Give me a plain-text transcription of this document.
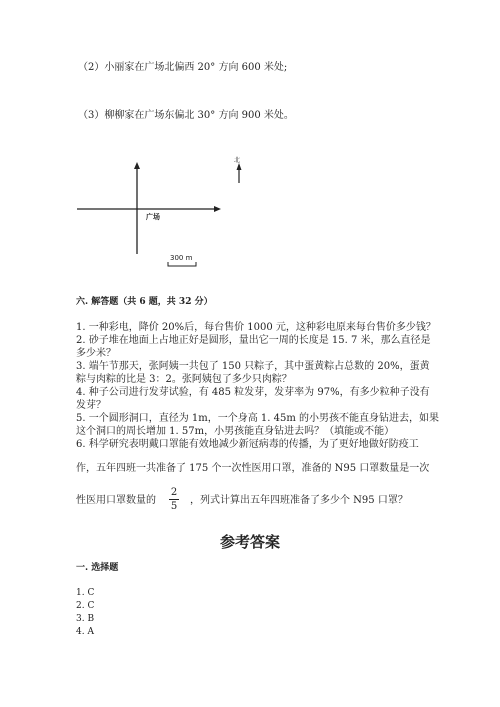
（2）小丽家在广场北偏西 20° 方向 600 米处;
（3）柳柳家在广场东偏北 30° 方向 900 米处。
北
广场
300 m
六. 解答题（共 6 题，共 32 分）
1. 一种彩电，降价 20%后，每台售价 1000 元，这种彩电原来每台售价多少钱？
2. 砂子堆在地面上占地正好是圆形，量出它一周的长度是 15. 7 米，那么直径是
多少米？
3. 端午节那天，张阿姨一共包了 150 只粽子，其中蛋黄粽占总数的 20%，蛋黄
粽与肉粽的比是 3：2。张阿姨包了多少只肉粽？
4. 种子公司进行发芽试验，有 485 粒发芽，发芽率为 97%，有多少粒种子没有
发芽？
5. 一个圆形洞口，直径为 1m，一个身高 1. 45m 的小男孩不能直身钻进去，如果
这个洞口的周长增加 1. 57m，小男孩能直身钻进去吗？（填能或不能）
6. 科学研究表明戴口罩能有效地减少新冠病毒的传播，为了更好地做好防疫工
作，五年四班一共准备了 175 个一次性医用口罩，准备的 N95 口罩数量是一次
性医用口罩数量的
2
5
，列式计算出五年四班准备了多少个 N95 口罩？
参考答案
一. 选择题
1. C
2. C
3. B
4. A
